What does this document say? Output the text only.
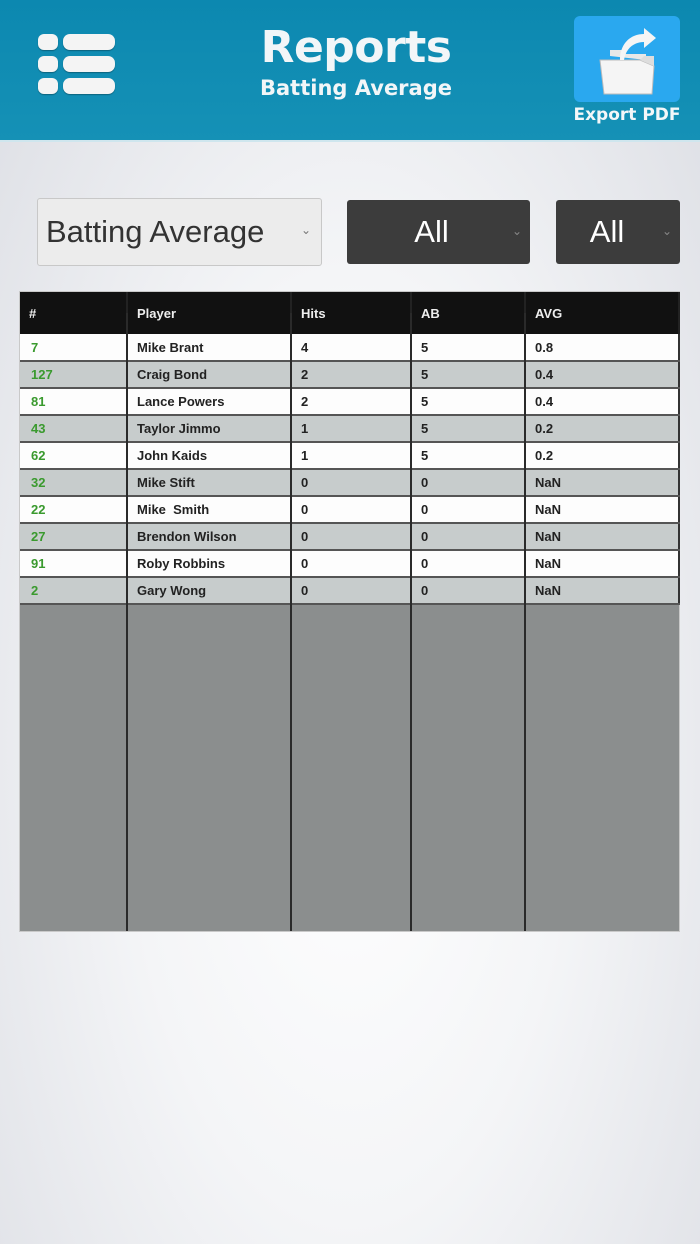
Reports
Batting Average
Export PDF
Batting Average	⌄	All	⌄	All	⌄
#	Player	Hits	AB	AVG
7	Mike Brant	4	5	0.8
127	Craig Bond	2	5	0.4
81	Lance Powers	2	5	0.4
43	Taylor Jimmo	1	5	0.2
62	John Kaids	1	5	0.2
32	Mike Stift	0	0	NaN
22	Mike  Smith	0	0	NaN
27	Brendon Wilson	0	0	NaN
91	Roby Robbins	0	0	NaN
2	Gary Wong	0	0	NaN
